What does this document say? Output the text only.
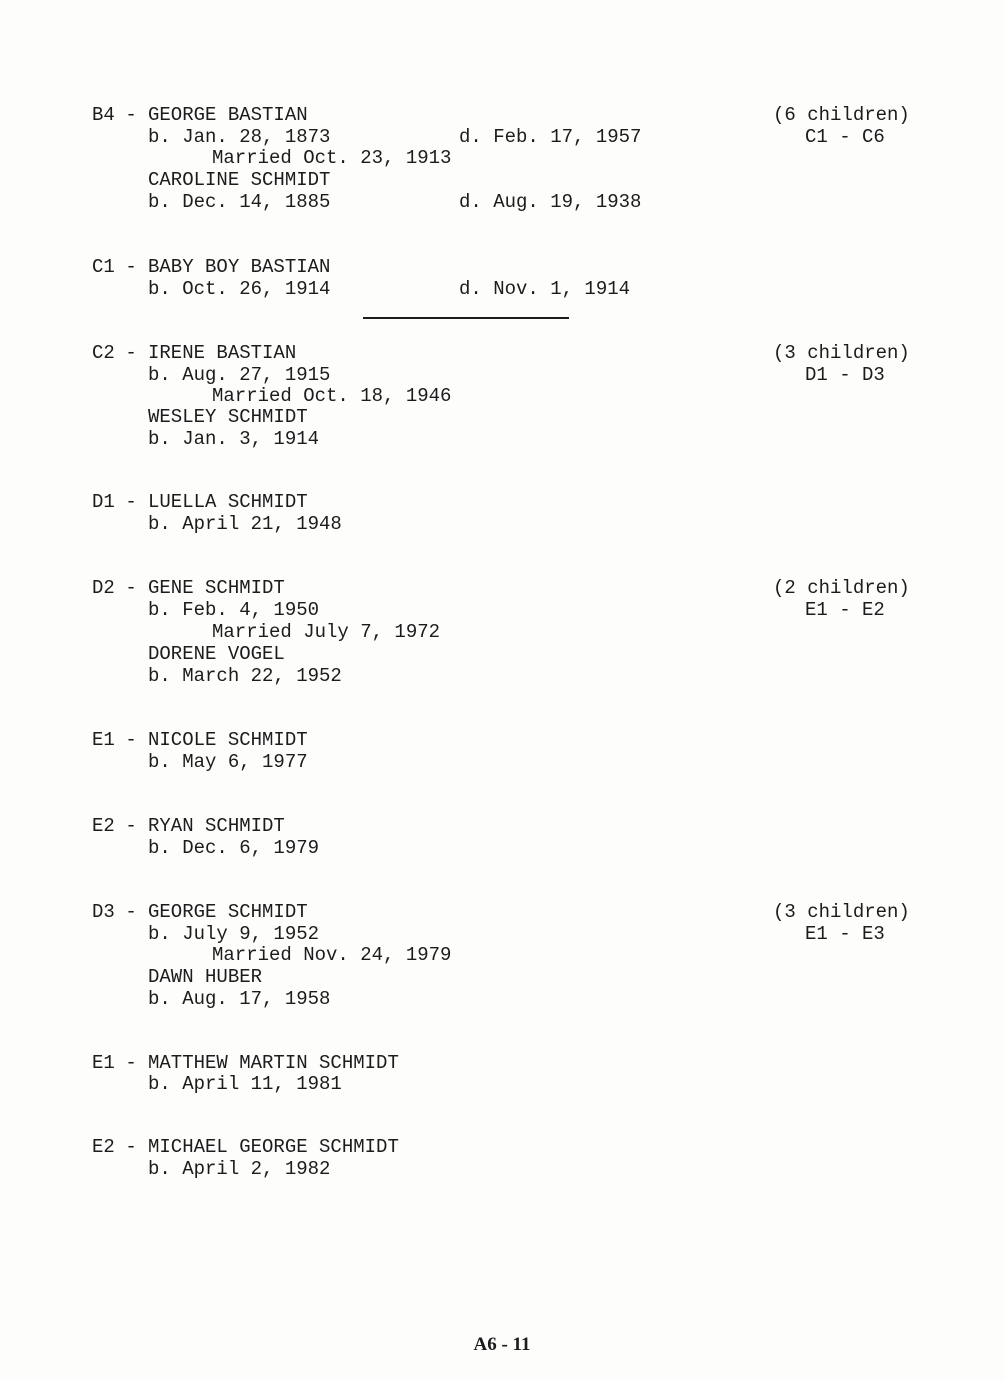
B4 - GEORGE BASTIAN
b. Jan. 28, 1873	d. Feb. 17, 1957
Married Oct. 23, 1913
CAROLINE SCHMIDT
b. Dec. 14, 1885	d. Aug. 19, 1938
(6 children)
C1 - C6
C1 - BABY BOY BASTIAN
b. Oct. 26, 1914	d. Nov. 1, 1914
C2 - IRENE BASTIAN
b. Aug. 27, 1915
Married Oct. 18, 1946
WESLEY SCHMIDT
b. Jan. 3, 1914
(3 children)
D1 - D3
D1 - LUELLA SCHMIDT
b. April 21, 1948
D2 - GENE SCHMIDT
b. Feb. 4, 1950
Married July 7, 1972
DORENE VOGEL
b. March 22, 1952
(2 children)
E1 - E2
E1 - NICOLE SCHMIDT
b. May 6, 1977
E2 - RYAN SCHMIDT
b. Dec. 6, 1979
D3 - GEORGE SCHMIDT
b. July 9, 1952
Married Nov. 24, 1979
DAWN HUBER
b. Aug. 17, 1958
(3 children)
E1 - E3
E1 - MATTHEW MARTIN SCHMIDT
b. April 11, 1981
E2 - MICHAEL GEORGE SCHMIDT
b. April 2, 1982
A6 - 11
